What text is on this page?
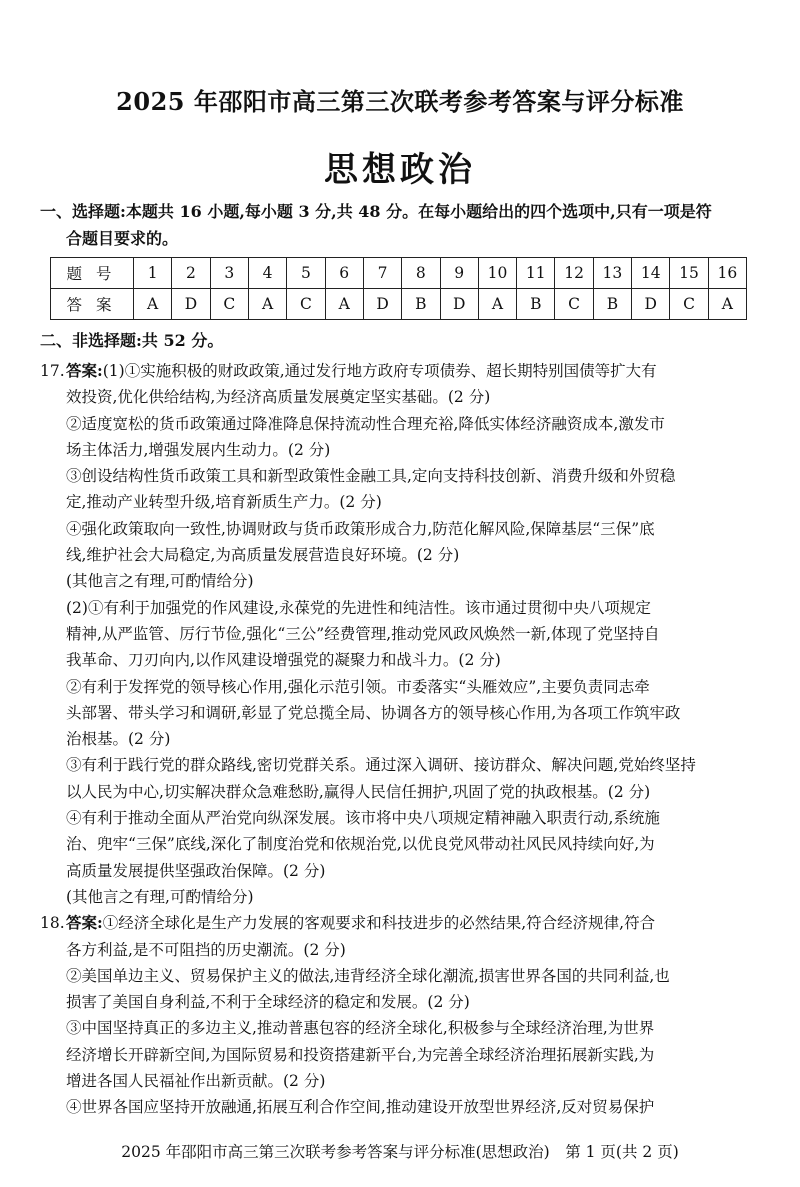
2025 年邵阳市高三第三次联考参考答案与评分标准
思想政治
一、选择题:本题共 16 小题,每小题 3 分,共 48 分。在每小题给出的四个选项中,只有一项是符
合题目要求的。
题号	1	2	3	4	5	6	7	8	9	10	11	12	13	14	15	16
答案	A	D	C	A	C	A	D	B	D	A	B	C	B	D	C	A
二、非选择题:共 52 分。
17. 答案:(1)①实施积极的财政政策,通过发行地方政府专项债券、超长期特别国债等扩大有
效投资,优化供给结构,为经济高质量发展奠定坚实基础。(2 分)
②适度宽松的货币政策通过降准降息保持流动性合理充裕,降低实体经济融资成本,激发市
场主体活力,增强发展内生动力。(2 分)
③创设结构性货币政策工具和新型政策性金融工具,定向支持科技创新、消费升级和外贸稳
定,推动产业转型升级,培育新质生产力。(2 分)
④强化政策取向一致性,协调财政与货币政策形成合力,防范化解风险,保障基层“三保”底
线,维护社会大局稳定,为高质量发展营造良好环境。(2 分)
(其他言之有理,可酌情给分)
(2)①有利于加强党的作风建设,永葆党的先进性和纯洁性。该市通过贯彻中央八项规定
精神,从严监管、厉行节俭,强化“三公”经费管理,推动党风政风焕然一新,体现了党坚持自
我革命、刀刃向内,以作风建设增强党的凝聚力和战斗力。(2 分)
②有利于发挥党的领导核心作用,强化示范引领。市委落实“头雁效应”,主要负责同志牵
头部署、带头学习和调研,彰显了党总揽全局、协调各方的领导核心作用,为各项工作筑牢政
治根基。(2 分)
③有利于践行党的群众路线,密切党群关系。通过深入调研、接访群众、解决问题,党始终坚持
以人民为中心,切实解决群众急难愁盼,赢得人民信任拥护,巩固了党的执政根基。(2 分)
④有利于推动全面从严治党向纵深发展。该市将中央八项规定精神融入职责行动,系统施
治、兜牢“三保”底线,深化了制度治党和依规治党,以优良党风带动社风民风持续向好,为
高质量发展提供坚强政治保障。(2 分)
(其他言之有理,可酌情给分)
18. 答案:①经济全球化是生产力发展的客观要求和科技进步的必然结果,符合经济规律,符合
各方利益,是不可阻挡的历史潮流。(2 分)
②美国单边主义、贸易保护主义的做法,违背经济全球化潮流,损害世界各国的共同利益,也
损害了美国自身利益,不利于全球经济的稳定和发展。(2 分)
③中国坚持真正的多边主义,推动普惠包容的经济全球化,积极参与全球经济治理,为世界
经济增长开辟新空间,为国际贸易和投资搭建新平台,为完善全球经济治理拓展新实践,为
增进各国人民福祉作出新贡献。(2 分)
④世界各国应坚持开放融通,拓展互利合作空间,推动建设开放型世界经济,反对贸易保护
2025 年邵阳市高三第三次联考参考答案与评分标准(思想政治)　第 1 页(共 2 页)
